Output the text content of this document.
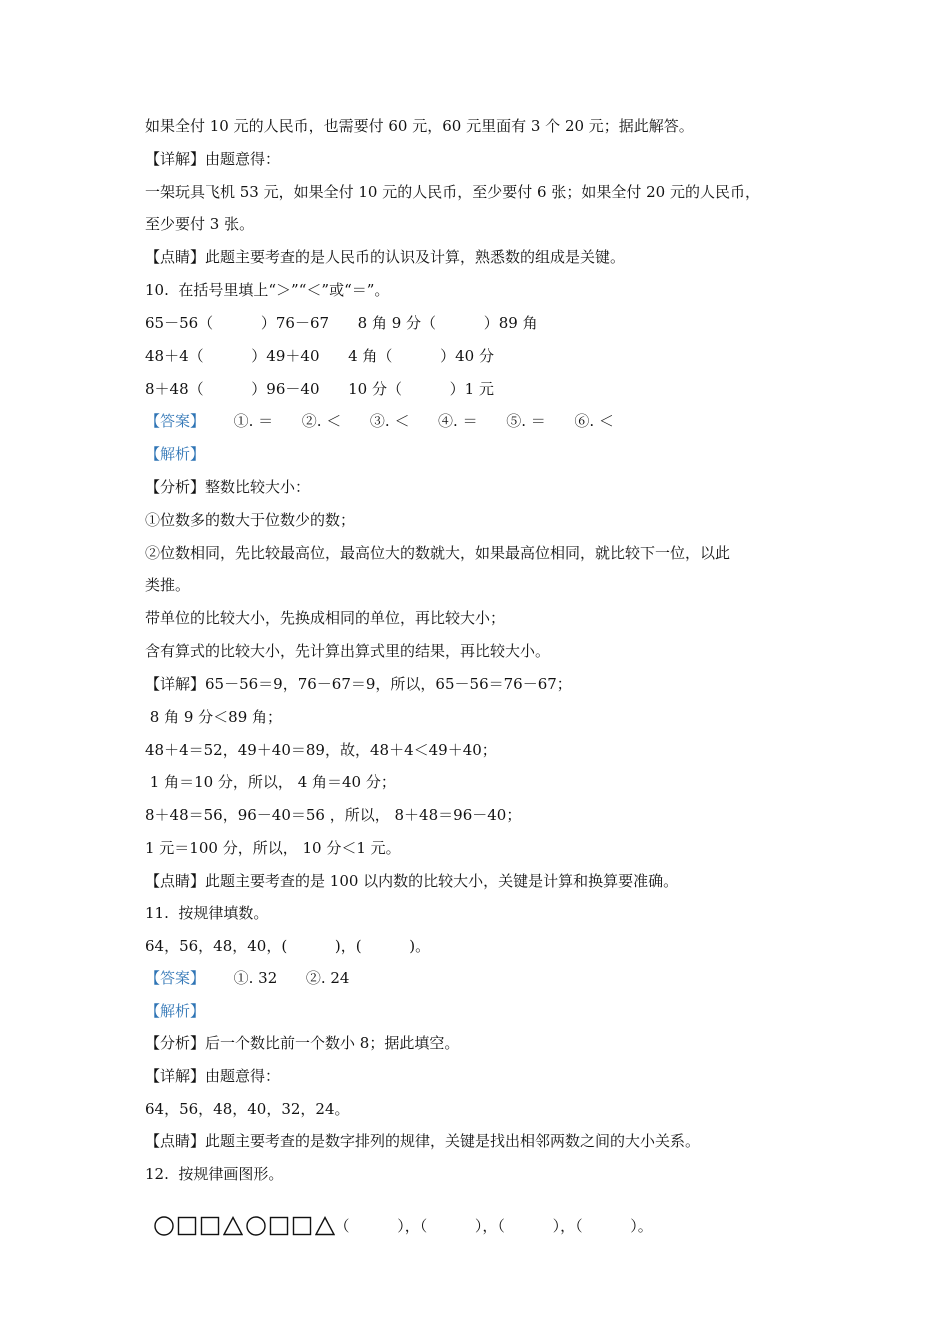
如果全付 10 元的人民币，也需要付 60 元，60 元里面有 3 个 20 元；据此解答。
【详解】由题意得：
一架玩具飞机 53 元，如果全付 10 元的人民币，至少要付 6 张；如果全付 20 元的人民币，
至少要付 3 张。
【点睛】此题主要考查的是人民币的认识及计算，熟悉数的组成是关键。
10.  在括号里填上“＞”“＜”或“＝”。
65－56（          ）76－67      8 角 9 分（          ）89 角
48＋4（          ）49＋40      4 角（          ）40 分
8＋48（          ）96－40      10 分（          ）1 元
【答案】      ①. ＝      ②. ＜      ③. ＜      ④. ＝      ⑤. ＝      ⑥. ＜
【解析】
【分析】整数比较大小：
①位数多的数大于位数少的数；
②位数相同，先比较最高位，最高位大的数就大，如果最高位相同，就比较下一位，以此
类推。
带单位的比较大小，先换成相同的单位，再比较大小；
含有算式的比较大小，先计算出算式里的结果，再比较大小。
【详解】65－56＝9，76－67＝9，所以，65－56＝76－67；
8 角 9 分＜89 角；
48＋4＝52，49＋40＝89，故，48＋4＜49＋40；
1 角＝10 分，所以， 4 角＝40 分；
8＋48＝56，96－40＝56 ，所以， 8＋48＝96－40；
1 元＝100 分，所以， 10 分＜1 元。
【点睛】此题主要考查的是 100 以内数的比较大小，关键是计算和换算要准确。
11.  按规律填数。
64，56，48，40，(          )，(          )。
【答案】      ①. 32      ②. 24
【解析】
【分析】后一个数比前一个数小 8；据此填空。
【详解】由题意得：
64，56，48，40，32，24。
【点睛】此题主要考查的是数字排列的规律，关键是找出相邻两数之间的大小关系。
12.  按规律画图形。

（          ），（          ），（          ），（          ）。
